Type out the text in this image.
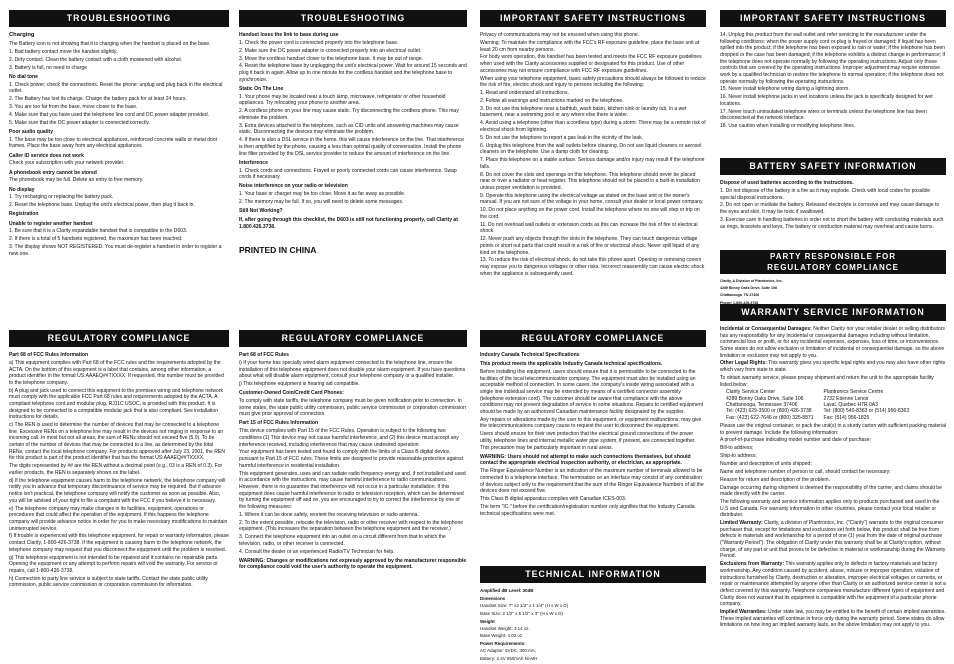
TROUBLESHOOTING

Charging

The Battery icon is not showing that it is charging when the handset is placed on the base.

1. Bad battery contact move the handset slightly.

2. Dirty contact. Clean the battery contact with a cloth moistened with alcohol.

3. Battery is full, no need to charge

No dial tone

1. Check power; check the connections. Reset the phone: unplug and plug back in the electrical outlet.

2. The Battery has lost its charge. Charge the battery pack for at least 24 hours.

3. You are too far from the base, move closer to the base.

4. Make sure that you have used the telephone line cord and DC power adapter provided.

5. Make sure that the DC power adapter is connected correctly.

Poor audio quality

1. The base may be too close to electrical appliances, reinforced concrete walls or metal door frames. Place the base away from any electrical appliances.

Caller ID service does not work

Check your subscription with your network provider.

A phonebook entry cannot be stored

The phonebook may be full. Delete an entry to free memory.

No display

1. Try recharging or replacing the battery pack.

2. Reset the telephone base. Unplug the unit's electrical power, then plug it back in.

Registration

Unable to register another handset

1. Be sure that it is a Clarity expandable handset that is compatible to the D603.

2. If there is a total of 5 handsets registered, the maximum has been reached.

3. The display shows NOT REGISTERED. You must de-register a handset in order to register a new one.

TROUBLESHOOTING

Handset loses the link to base during use

1. Check the power cord is connected properly into the telephone base.

2. Make sure the DC power adapter is connected properly into an electrical outlet.

3. Move the cordless handset closer to the telephone base. It may be out of range.

4. Reset the telephone base by unplugging the unit's electrical power. Wait for around 15 seconds and plug it back in again. Allow up to one minute for the cordless handset and the telephone base to synchronize.

Static On The Line

1. Your phone may be located near a touch lamp, microwave, refrigerator or other household appliances. Try relocating your phone to another area.

2. A cordless phone on your line may cause static. Try disconnecting the cordless phone. This may eliminate the problem.

3. Extra devices attached to the telephone, such as CID units and answering machines may cause static. Disconnecting the devices may eliminate the problem.

4. If there is also a DSL service in the home, this will cause interference on the line. That interference is then amplified by the phone, causing a less than optimal quality of conversation. Install the phone line filter provided by the DSL service provider to reduce the amount of interference on the line.

Interference

1. Check cords and connections. Frayed or poorly connected cords can cause interference. Swap cords if necessary.

Noise interference on your radio or television

1. Your base or charger may be too close. Move it as far away as possible.

2. The memory may be full. If so, you will need to delete some messages.

Still Not Working?

If, after going through this checklist, the D603 is still not functioning properly, call Clarity at 1.800.426.3738.

PRINTED IN CHINA
IMPORTANT SAFETY INSTRUCTIONS

Privacy of communications may not be ensured when using this phone.

Warning: To maintain the compliance with the FCC's RF exposure guideline, place the base unit at least 20 cm from nearby persons.

For body worn operation, this handset has been tested and meets the FCC RF exposure guidelines when used with the Clarity accessories supplied or designated for this product. Use of other accessories may not ensure compliance with FCC RF exposure guidelines.

When using your telephone equipment, basic safety precautions should always be followed to reduce the risk of fire, electric shock and injury to persons including the following:

1. Read and understand all instructions.

2. Follow all warnings and instructions marked on the telephone.

3. Do not use this telephone near a bathtub, wash basin, kitchen sink or laundry tub, in a wet basement, near a swimming pool or any where else there is water.

4. Avoid using a telephone (other than a cordless type) during a storm. There may be a remote risk of electrical shock from lightning.

5. Do not use the telephone to report a gas leak in the vicinity of the leak.

6. Unplug this telephone from the wall outlets before cleaning. Do not use liquid cleaners or aerosol cleaners on the telephone. Use a damp cloth for cleaning.

7. Place this telephone on a stable surface. Serious damage and/or injury may result if the telephone falls.

8. Do not cover the slots and openings on this telephone. This telephone should never be placed near or over a radiator or heat register. This telephone should not be placed in a built-in installation unless proper ventilation is provided.

9. Operate this telephone using the electrical voltage as stated on the base unit or the owner's manual. If you are not sure of the voltage in your home, consult your dealer or local power company.

10. Do not place anything on the power cord. Install the telephone where no one will step or trip on the cord.

11. Do not overload wall outlets or extension cords as this can increase the risk of fire or electrical shock.

12. Never push any objects through the slots in the telephone. They can touch dangerous voltage points or short out parts that could result in a risk of fire or electrical shock. Never spill liquid of any kind on the telephone.

13. To reduce the risk of electrical shock, do not take this phone apart. Opening or removing covers may expose you to dangerous voltages or other risks. Incorrect reassembly can cause electric shock when the appliance is subsequently used.

IMPORTANT SAFETY INSTRUCTIONS

14. Unplug this product from the wall outlet and refer servicing to the manufacturer under the following conditions: when the power supply cord or plug is frayed or damaged; if liquid has been spilled into the product; if the telephone has been exposed to rain or water; if the telephone has been dropped or the case has been damaged; if the telephone exhibits a distinct change in performance; if the telephone does not operate normally by following the operating instructions. Adjust only those controls that are covered by the operating instructions. Improper adjustment may require extensive work by a qualified technician to restore the telephone to normal operation; if the telephone does not operate normally by following the operating instructions.

15. Never install telephone wiring during a lightning storm.

16. Never install telephone jacks in wet locations unless the jack is specifically designed for wet locations.

17. Never touch uninsulated telephone wires or terminals unless the telephone line has been disconnected at the network interface.

18. Use caution when installing or modifying telephone lines.

BATTERY SAFETY INFORMATION

Dispose of used batteries according to the instructions.

1. Do not dispose of the battery in a fire as it may explode. Check with local codes for possible special disposal instructions.

2. Do not open or mutilate the battery. Released electrolyte is corrosive and may cause damage to the eyes and skin. It may be toxic if swallowed.

3. Exercise care in handling batteries in order not to short the battery with conducting materials such as rings, bracelets and keys. The battery or conduction material may overheat and cause burns.

PARTY RESPONSIBLE FOR
REGULATORY COMPLIANCE

Clarity, A Division of Plantronics, Inc.

4289 Bonny Oaks Drive, Suite 106

Chattanooga, TN 37406

Phone: 1-800-426-3738

REGULATORY COMPLIANCE

Part 68 of FCC Rules Information

a) This equipment complies with Part 68 of the FCC rules and the requirements adopted by the ACTA. On the bottom of this equipment is a label that contains, among other information, a product identifier in the format US:AAAEQ##TXXXX. If requested, this number must be provided to the telephone company.

b) A plug and jack used to connect this equipment to the premises wiring and telephone network must comply with the applicable FCC Part 68 rules and requirements adopted by the ACTA. A compliant telephone cord and modular plug, RJ11C USOC, is provided with this product. It is designed to be connected to a compatible modular jack that is also compliant. See installation instructions for details.

c) The REN is used to determine the number of devices that may be connected to a telephone line. Excessive RENs on a telephone line may result in the devices not ringing in response to an incoming call. In most but not all areas, the sum of RENs should not exceed five (5.0). To be certain of the number of devices that may be connected to a line, as determined by the total RENs, contact the local telephone company. For products approved after July 23, 2001, the REN for this product is part of the product identifier that has the format US:AAAEQ##TXXXX.

The digits represented by ## are the REN without a decimal point (e.g., 03 is a REN of 0.3). For earlier products, the REN is separately shown on the label.

d) If the telephone equipment causes harm to the telephone network, the telephone company will notify you in advance that temporary discontinuance of service may be required. But if advance notice isn't practical, the telephone company will notify the customer as soon as possible. Also, you will be advised of your right to file a complaint with the FCC if you believe it is necessary.

e) The telephone company may make changes in its facilities, equipment, operations or procedures that could affect the operation of the equipment. If this happens the telephone company will provide advance notice in order for you to make necessary modifications to maintain uninterrupted service.

f) If trouble is experienced with this telephone equipment, for repair or warranty information, please contact Clarity, 1-800-426-3738. If the equipment is causing harm to the telephone network, the telephone company may request that you disconnect the equipment until the problem is resolved.

g) This telephone equipment is not intended to be repaired and it contains no repairable parts. Opening the equipment or any attempt to perform repairs will void the warranty. For service or repairs, call 1-800-426-3738.

h) Connection to party line service is subject to state tariffs. Contact the state public utility commission, public service commission or corporation commission for information.

REGULATORY COMPLIANCE

Part 68 of FCC Rules

i) If your home has specially wired alarm equipment connected to the telephone line, ensure the installation of this telephone equipment does not disable your alarm equipment. If you have questions about what will disable alarm equipment, consult your telephone company or a qualified installer.

j) This telephone equipment is hearing aid compatible.

Customer-Owned Coin/Credit Card Phones:

To comply with state tariffs, the telephone company must be given notification prior to connection. In some states, the state public utility commission, public service commission or corporation commission must give prior approval of connection.

Part 15 of FCC Rules Information

This device complies with Part 15 of the FCC Rules. Operation is subject to the following two conditions (1) This device may not cause harmful interference, and (2) this device must accept any interference received, including interference that may cause undesired operation.

Your equipment has been tested and found to comply with the limits of a Class B digital device, pursuant to Part 15 of FCC rules. These limits are designed to provide reasonable protection against harmful interference in residential installation.

This equipment generates, uses and can radiate radio frequency energy and, if not installed and used in accordance with the instructions, may cause harmful interference to radio communications. However, there is no guarantee that interference will not occur in a particular installation. If this equipment does cause harmful interference to radio or television reception, which can be determined by turning the equipment off and on, you are encouraged to try to correct the interference by one of the following measures:

1. Where it can be done safely, reorient the receiving television or radio antenna.

2. To the extent possible, relocate the television, radio or other receiver with respect to the telephone equipment. (This increases the separation between the telephone equipment and the receiver.)

3. Connect the telephone equipment into an outlet on a circuit different from that to which the television, radio, or other receiver is connected.

4. Consult the dealer or an experienced Radio/TV Technician for help.

WARNING: Changes or modifications not expressly approved by the manufacturer responsible for compliance could void the user's authority to operate the equipment.

REGULATORY COMPLIANCE

Industry Canada Technical Specifications

This product meets the applicable Industry Canada technical specifications.

Before installing this equipment, users should ensure that it is permissible to be connected to the facilities of the local telecommunication company. The equipment must also be installed using an acceptable method of connection. In some cases, the company's inside wiring associated with a single line individual service may be extended by means of a certified connector assembly (telephone extension cord). The customer should be aware that compliance with the above conditions may not prevent degradation of service in some situations. Repairs to certified equipment should be made by an authorized Canadian maintenance facility designated by the supplier.

Any repairs or alterations made by the user to this equipment, or equipment malfunctions, may give the telecommunications company cause to request the user to disconnect the equipment.

Users should ensure for their own protection that the electrical ground connections of the power utility, telephone lines and internal metallic water pipe system, if present, are connected together. This precaution may be particularly important in rural areas.

WARNING: Users should not attempt to make such connections themselves, but should contact the appropriate electrical inspection authority, or electrician, as appropriate.

The Ringer Equivalence Number is an indication of the maximum number of terminals allowed to be connected to a telephone interface. The termination on an interface may consist of any combination of devices subject only to the requirement that the sum of the Ringer Equivalence Numbers of all the devices does not exceed five.

This Class B digital apparatus complies with Canadian ICES-003.

The term "IC:" before the certification/registration number only signifies that the Industry Canada technical specifications were met.

TECHNICAL INFORMATION

Amplified dB Level: 30dB

Dimensions

Handset Size: 7" x2 1/2" x 1 1/4" (H x W x D)

Base Size: 2 1/2" x 5 1/2" x 3" (H x W x D)

Weight

Handset Weight: 3.14 oz.

Base Weight: 4.02 oz

Power Requirements:

AC Adaptor: 6VDC, 300 mA;

Battery: 2.4V 550mAh Ni-MH

WARRANTY SERVICE INFORMATION

Incidental or Consequential Damages: Neither Clarity nor your retailer dealer or selling distributors has any responsibility for any incidental or consequential damages including without limitation, commercial loss or profit, or for any incidental expenses, expenses, loss of time, or inconvenience. Some states do not allow exclusion or limitation of incidental or consequential damage, so the above limitation or exclusion may not apply to you.

Other Legal Rights: This warranty gives you specific legal rights and you may also have other rights which vary from state to state.

To obtain warranty service, please prepay shipment and return the unit to the appropriate facility listed below:

Clarity Service Center	Plantronics Service Centre
4289 Bonny Oaks Drive, Suite 106	2732 Etienne Lenoir
Chattanooga, Tennessee 37406	Laval, Quebec H7R 0A3
Tel: (423) 629-3500 or (800) 426-3738	Tel: (800) 540-8363 or (514) 956-8363
Fax: (423) 622-7646 or (800) 325-8871	Fax: (514) 956-1825

Please use the original container, or pack the unit(s) in a sturdy carton with sufficient packing material to prevent damage. Include the following information:

A proof-of-purchase indicating model number and date of purchase;

Bill-to address;

Ship-to address;

Number and description of units shipped;

Name and telephone number of person to call, should contact be necessary;

Reason for return and description of the problem.

Damage occurring during shipment is deemed the responsibility of the carrier, and claims should be made directly with the carrier.

The following warranty and service information applies only to products purchased and used in the U.S and Canada. For warranty information in other countries, please contact your local retailer or distributor.

Limited Warranty: Clarity, a division of Plantronics, Inc. ("Clarity") warrants to the original consumer purchaser that, except for limitations and exclusions set forth below, this product shall be free from defects in materials and workmanship for a period of one (1) year from the date of original purchase ("Warranty Period"). The obligation of Clarity under this warranty shall be at Clarity's option, without charge, of any part or unit that proves to be defective in material or workmanship during the Warranty Period.

Exclusions from Warranty: This warranty applies only to defects in factory materials and factory workmanship. Any condition caused by accident, abuse, misuse or improper operation, violation of instructions furnished by Clarity, destruction or alteration, improper electrical voltages or currents, or repair or maintenance attempted by anyone other than Clarity or an authorized service center is not a defect covered by this warranty. Telephone companies manufacture different types of equipment and Clarity does not warrant that its equipment is compatible with the equipment of a particular phone company.

Implied Warranties: Under state law, you may be entitled to the benefit of certain implied warranties. These implied warranties will continue in force only during the warranty period. Some states do allow limitations on how long an implied warranty lasts, so the above limitation may not apply to you.
